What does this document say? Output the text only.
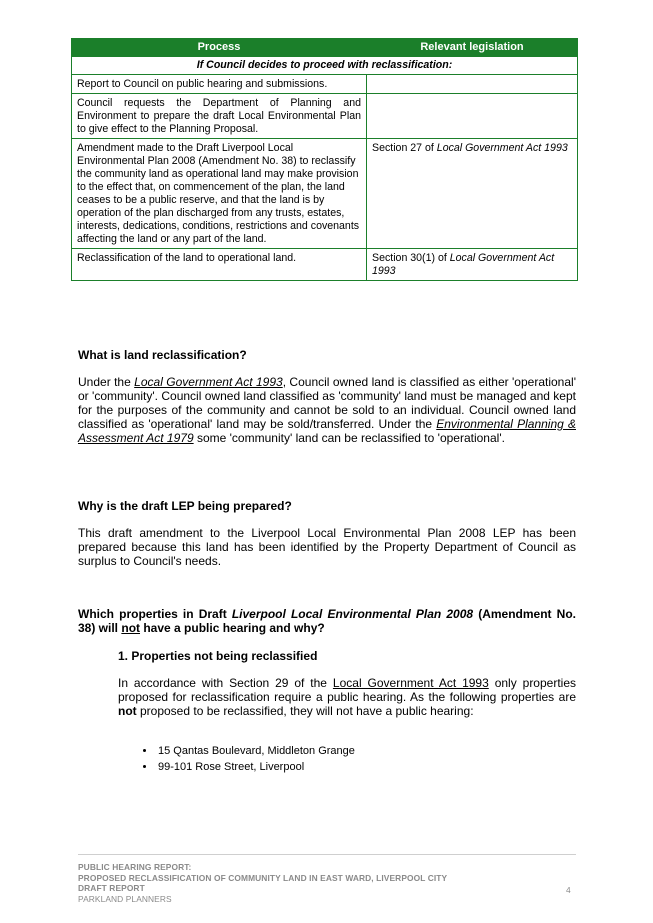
Process	Relevant legislation
If Council decides to proceed with reclassification:	
Report to Council on public hearing and submissions.	
Council requests the Department of Planning and Environment to prepare the draft Local Environmental Plan to give effect to the Planning Proposal.	
Amendment made to the Draft Liverpool Local Environmental Plan 2008 (Amendment No. 38) to reclassify the community land as operational land may make provision to the effect that, on commencement of the plan, the land ceases to be a public reserve, and that the land is by operation of the plan discharged from any trusts, estates, interests, dedications, conditions, restrictions and covenants affecting the land or any part of the land.	Section 27 of Local Government Act 1993
Reclassification of the land to operational land.	Section 30(1) of Local Government Act 1993
What is land reclassification?

Under the Local Government Act 1993, Council owned land is classified as either 'operational' or 'community'. Council owned land classified as 'community' land must be managed and kept for the purposes of the community and cannot be sold to an individual. Council owned land classified as 'operational' land may be sold/transferred. Under the Environmental Planning & Assessment Act 1979 some 'community' land can be reclassified to 'operational'.

Why is the draft LEP being prepared?

This draft amendment to the Liverpool Local Environmental Plan 2008 LEP has been prepared because this land has been identified by the Property Department of Council as surplus to Council's needs.

Which properties in Draft Liverpool Local Environmental Plan 2008 (Amendment No. 38) will not have a public hearing and why?

1. Properties not being reclassified

In accordance with Section 29 of the Local Government Act 1993 only properties proposed for reclassification require a public hearing. As the following properties are not proposed to be reclassified, they will not have a public hearing:

• 15 Qantas Boulevard, Middleton Grange
• 99-101 Rose Street, Liverpool
PUBLIC HEARING REPORT:
PROPOSED RECLASSIFICATION OF COMMUNITY LAND IN EAST WARD, LIVERPOOL CITY
DRAFT REPORT
PARKLAND PLANNERS
4
